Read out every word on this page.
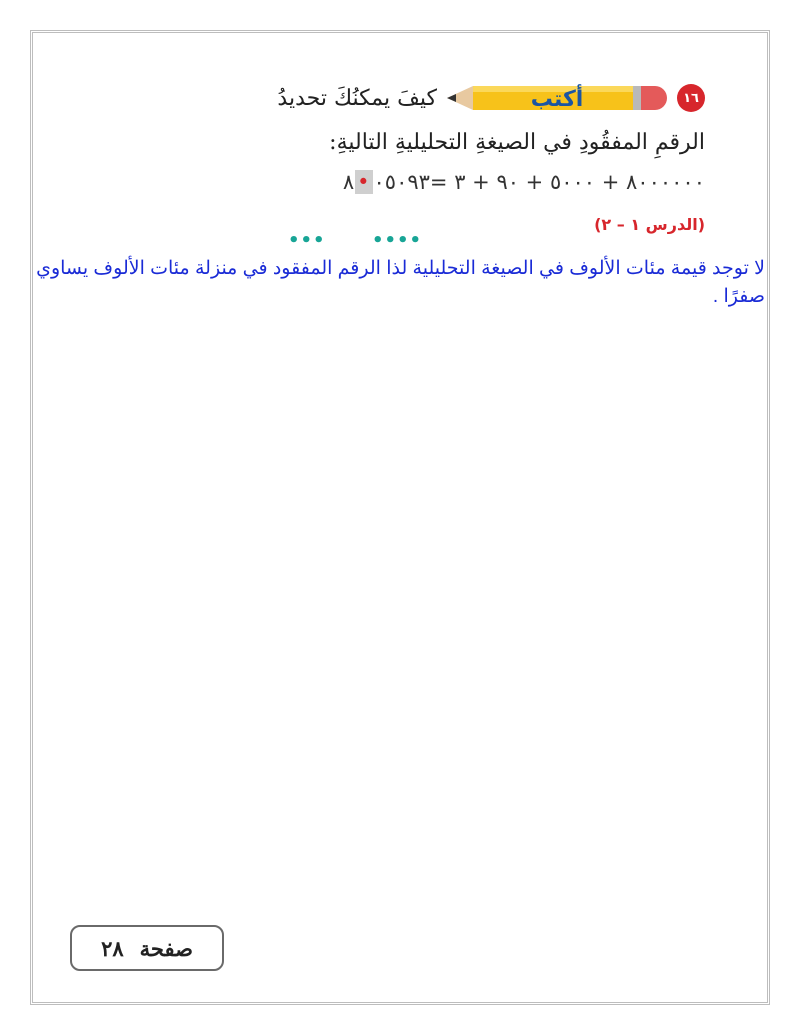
١٦
أكتب
كيفَ يمكنُكَ تحديدُ
الرقمِ المفقُودِ في الصيغةِ التحليليةِ التاليةِ:
٨ • ٠٥٠٩٣= ٨٠٠٠٠٠٠ + ٥٠٠٠ + ٩٠ + ٣
(الدرس ١ – ٢)
•••	••••
لا توجد قيمة مئات الألوف في الصيغة التحليلية لذا الرقم المفقود في منزلة مئات الألوف يساوي صفرًا .
صفحة
٢٨
